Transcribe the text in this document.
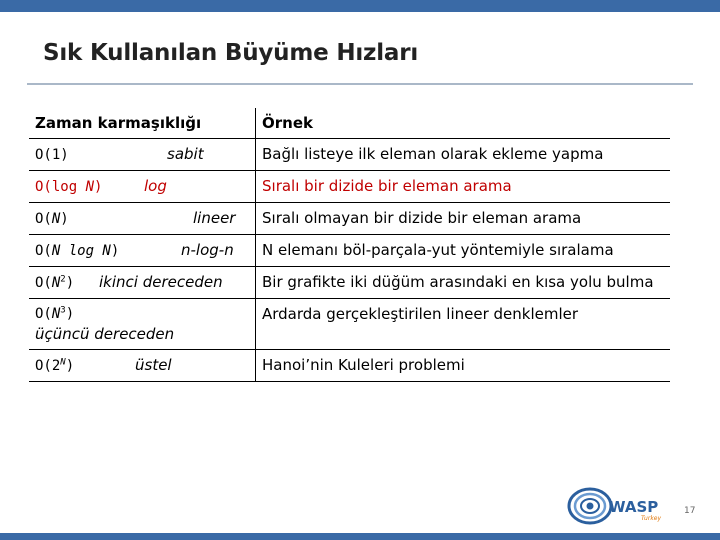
Sık Kullanılan Büyüme Hızları
Zaman karmaşıklığı	Örnek
O(1) sabit	Bağlı listeye ilk eleman olarak ekleme yapma
O(log N) log	Sıralı bir dizide bir eleman arama
O(N) lineer	Sıralı olmayan bir dizide bir eleman arama
O(N log N) n-log-n	N elemanı böl-parçala-yut yöntemiyle sıralama
$O(N^2)$ ikinci dereceden	Bir grafikte iki düğüm arasındaki en kısa yolu bulma

$O(N^3)$
üçüncü dereceden	Ardarda gerçekleştirilen lineer denklemler
$O(2^N)$ üstel	Hanoi’nin Kuleleri problemi
WASP
Turkey
17
